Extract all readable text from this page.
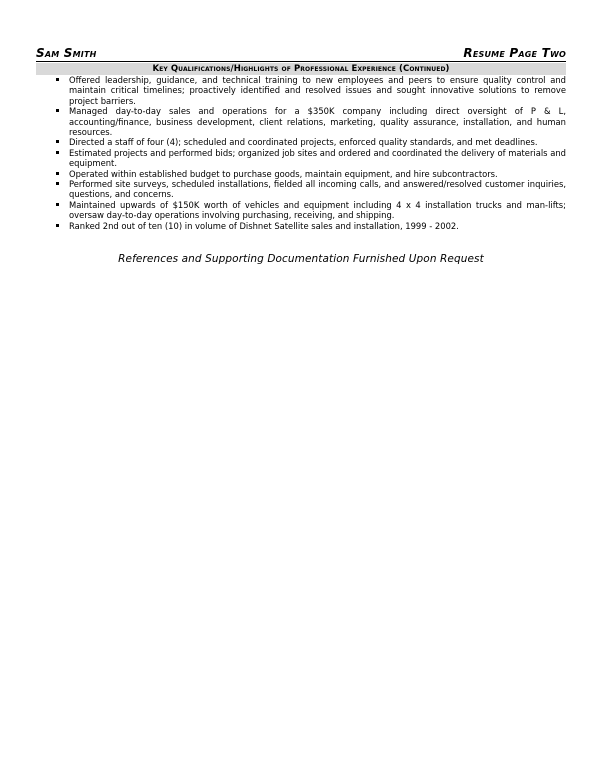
Sam Smith	Resume Page Two
Key Qualifications/Highlights of Professional Experience (Continued)
Offered leadership, guidance, and technical training to new employees and peers to ensure quality control and maintain critical timelines; proactively identified and resolved issues and sought innovative solutions to remove project barriers.
Managed day-to-day sales and operations for a $350K company including direct oversight of P & L, accounting/finance, business development, client relations, marketing, quality assurance, installation, and human resources.
Directed a staff of four (4); scheduled and coordinated projects, enforced quality standards, and met deadlines.
Estimated projects and performed bids; organized job sites and ordered and coordinated the delivery of materials and equipment.
Operated within established budget to purchase goods, maintain equipment, and hire subcontractors.
Performed site surveys, scheduled installations, fielded all incoming calls, and answered/resolved customer inquiries, questions, and concerns.
Maintained upwards of $150K worth of vehicles and equipment including 4 x 4 installation trucks and man-lifts; oversaw day-to-day operations involving purchasing, receiving, and shipping.
Ranked 2nd out of ten (10) in volume of Dishnet Satellite sales and installation, 1999 - 2002.
References and Supporting Documentation Furnished Upon Request
